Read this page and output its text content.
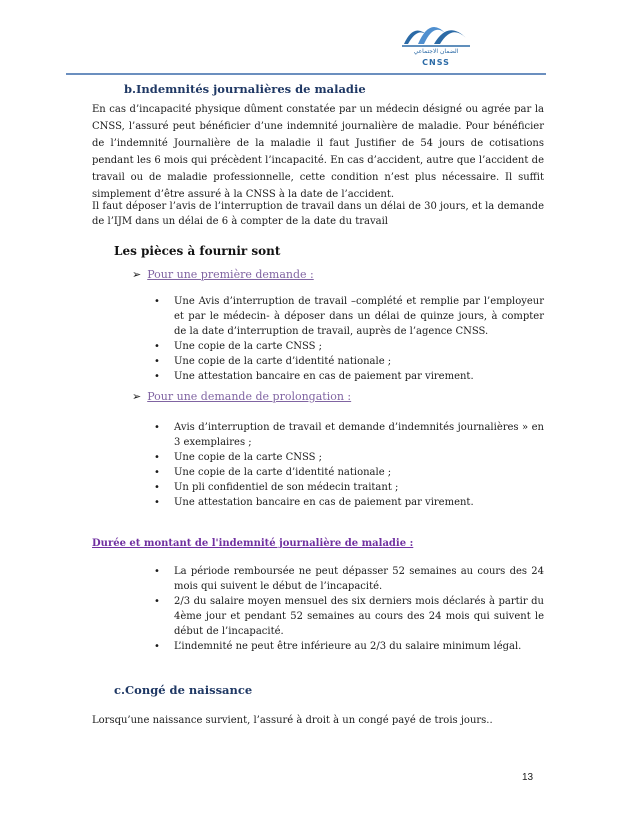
الضمان الاجتماعي
CNSS
b.Indemnités journalières de maladie
En cas d’incapacité physique dûment constatée par un médecin désigné ou agrée par la CNSS, l’assuré peut bénéficier d’une indemnité journalière de maladie. Pour bénéficier de l’indemnité Journalière de la maladie il faut Justifier de 54 jours de cotisations pendant les 6 mois qui précèdent l’incapacité. En cas d’accident, autre que l’accident de travail ou de maladie professionnelle, cette condition n’est plus nécessaire. Il suffit simplement d’être assuré à la CNSS à la date de l’accident.
Il faut déposer l’avis de l’interruption de travail dans un délai de 30 jours, et la demande de l’IJM dans un délai de 6 à compter de la date du travail
Les pièces à fournir sont
➢ Pour une première demande :
• Une Avis d’interruption de travail –complété et remplie par l’employeur et par le médecin- à déposer dans un délai de quinze jours, à compter de la date d’interruption de travail, auprès de l’agence CNSS.
• Une copie de la carte CNSS ;
• Une copie de la carte d’identité nationale ;
• Une attestation bancaire en cas de paiement par virement.
➢ Pour une demande de prolongation :
• Avis d’interruption de travail et demande d’indemnités journalières » en 3 exemplaires ;
• Une copie de la carte CNSS ;
• Une copie de la carte d’identité nationale ;
• Un pli confidentiel de son médecin traitant ;
• Une attestation bancaire en cas de paiement par virement.
Durée et montant de l'indemnité journalière de maladie :
• La période remboursée ne peut dépasser 52 semaines au cours des 24 mois qui suivent le début de l’incapacité.
• 2/3 du salaire moyen mensuel des six derniers mois déclarés à partir du 4ème jour et pendant 52 semaines au cours des 24 mois qui suivent le début de l’incapacité.
• L’indemnité ne peut être inférieure au 2/3 du salaire minimum légal.
c.Congé de naissance
Lorsqu’une naissance survient, l’assuré à droit à un congé payé de trois jours..
13
